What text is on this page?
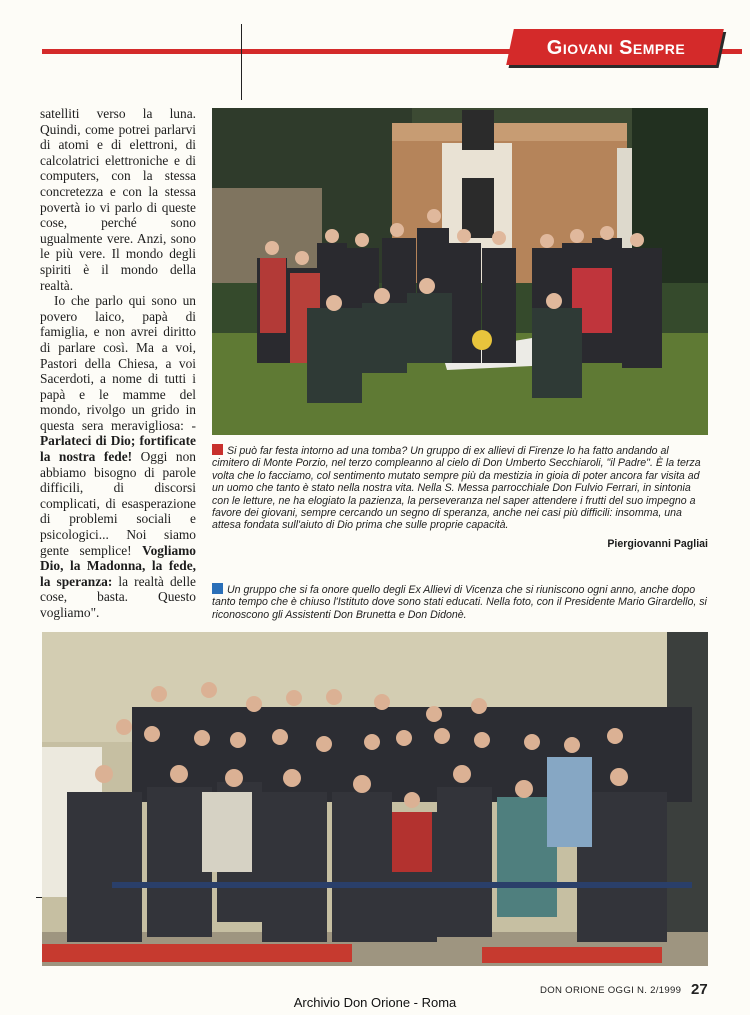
Giovani Sempre

satelliti verso la luna. Quindi, come potrei parlarvi di atomi e di elettroni, di calcolatrici elettroniche e di computers, con la stessa concretezza e con la stessa povertà io vi parlo di queste cose, perché sono ugualmente vere. Anzi, sono le più vere. Il mondo degli spiriti è il mondo della realtà.

Io che parlo qui sono un povero laico, papà di famiglia, e non avrei diritto di parlare così. Ma a voi, Pastori della Chiesa, a voi Sacerdoti, a nome di tutti i papà e le mamme del mondo, rivolgo un grido in questa sera meravigliosa: - Parlateci di Dio; fortificate la nostra fede! Oggi non abbiamo bisogno di parole difficili, di discorsi complicati, di esasperazione di problemi sociali e psicologici... Noi siamo gente semplice! Vogliamo Dio, la Madonna, la fede, la speranza: la realtà delle cose, basta. Questo vogliamo".

Si può far festa intorno ad una tomba? Un gruppo di ex allievi di Firenze lo ha fatto andando al cimitero di Monte Porzio, nel terzo compleanno al cielo di Don Umberto Secchiaroli, "il Padre". È la terza volta che lo facciamo, col sentimento mutato sempre più da mestizia in gioia di poter ancora far visita ad un uomo che tanto è stato nella nostra vita. Nella S. Messa parrocchiale Don Fulvio Ferrari, in sintonia con le letture, ne ha elogiato la pazienza, la perseveranza nel saper attendere i frutti del suo impegno a favore dei giovani, sempre cercando un segno di speranza, anche nei casi più difficili: insomma, una attesa fondata sull'aiuto di Dio prima che sulle proprie capacità.
Piergiovanni Pagliai
Un gruppo che si fa onore quello degli Ex Allievi di Vicenza che si riuniscono ogni anno, anche dopo tanto tempo che è chiuso l'Istituto dove sono stati educati. Nella foto, con il Presidente Mario Girardello, si riconoscono gli Assistenti Don Brunetta e Don Didonè.
DON ORIONE OGGI N. 2/1999 27
Archivio Don Orione - Roma
